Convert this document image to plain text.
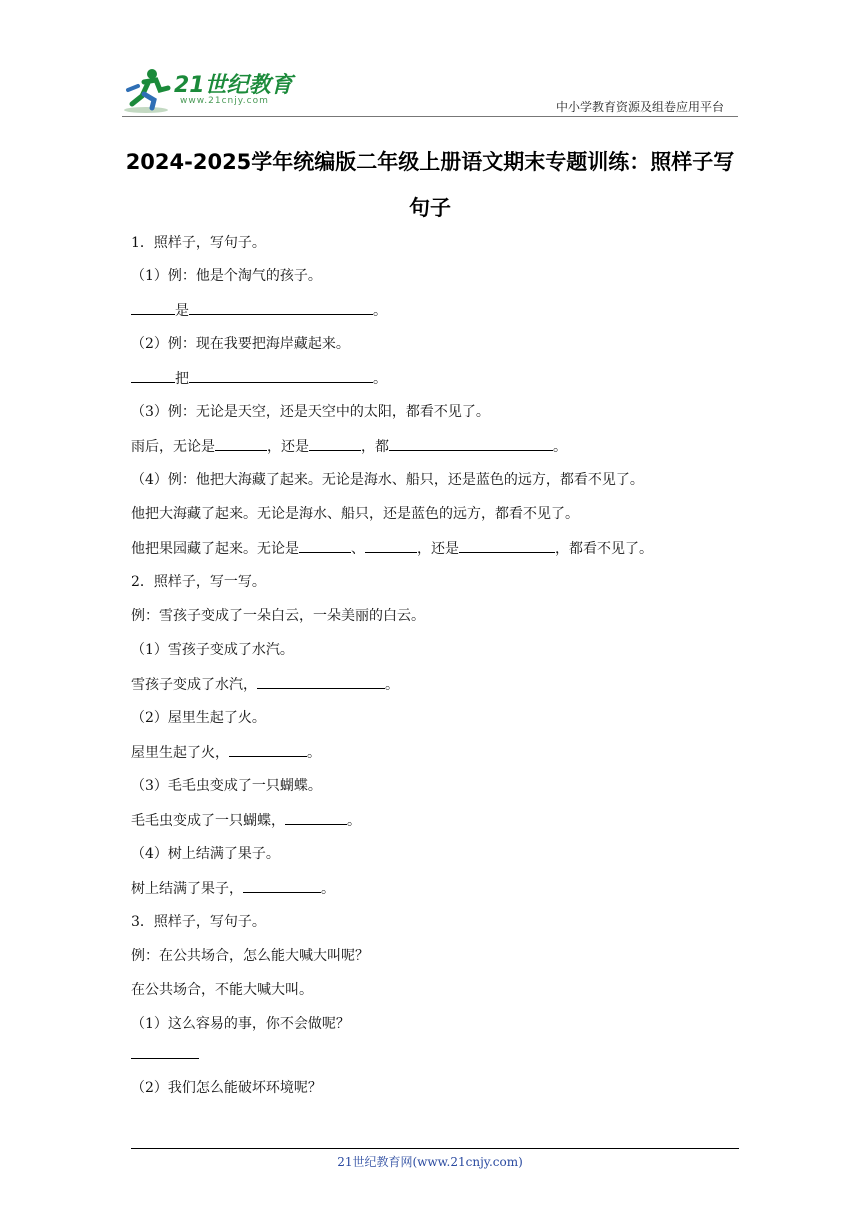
21世纪教育
www.21cnjy.com	中小学教育资源及组卷应用平台
2024-2025学年统编版二年级上册语文期末专题训练：照样子写
句子
1．照样子，写句子。
（1）例：他是个淘气的孩子。
是	。
（2）例：现在我要把海岸藏起来。
把	。
（3）例：无论是天空，还是天空中的太阳，都看不见了。
雨后，无论是	，还是	，都	。
（4）例：他把大海藏了起来。无论是海水、船只，还是蓝色的远方，都看不见了。
他把大海藏了起来。无论是海水、船只，还是蓝色的远方，都看不见了。
他把果园藏了起来。无论是	、	，还是	，都看不见了。
2．照样子，写一写。
例：雪孩子变成了一朵白云，一朵美丽的白云。
（1）雪孩子变成了水汽。
雪孩子变成了水汽，	。
（2）屋里生起了火。
屋里生起了火，	。
（3）毛毛虫变成了一只蝴蝶。
毛毛虫变成了一只蝴蝶，	。
（4）树上结满了果子。
树上结满了果子，	。
3．照样子，写句子。
例：在公共场合，怎么能大喊大叫呢？
在公共场合，不能大喊大叫。
（1）这么容易的事，你不会做呢？
（2）我们怎么能破坏环境呢？
21世纪教育网(www.21cnjy.com)
